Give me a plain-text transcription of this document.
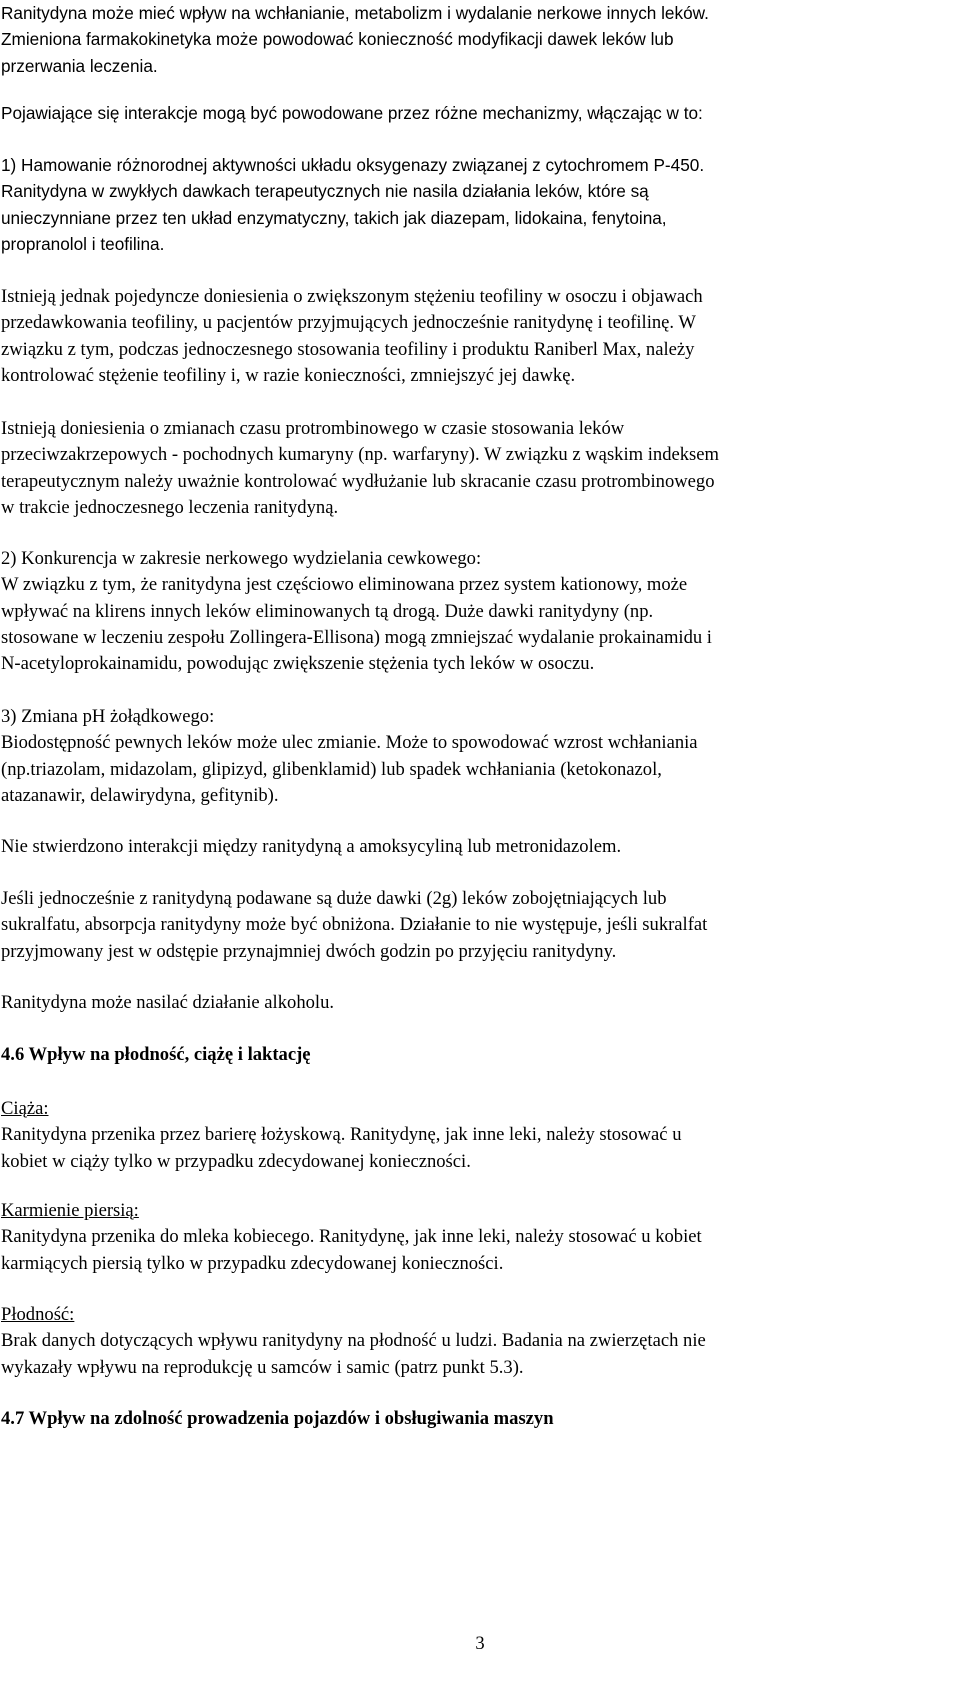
Ranitydyna może mieć wpływ na wchłanianie, metabolizm i wydalanie nerkowe innych leków.
Zmieniona farmakokinetyka może powodować konieczność modyfikacji dawek leków lub
przerwania leczenia.

Pojawiające się interakcje mogą być powodowane przez różne mechanizmy, włączając w to:

1) Hamowanie różnorodnej aktywności układu oksygenazy związanej z cytochromem P-450.
Ranitydyna w zwykłych dawkach terapeutycznych nie nasila działania leków, które są
unieczynniane przez ten układ enzymatyczny, takich jak diazepam, lidokaina, fenytoina,
propranolol i teofilina.

Istnieją jednak pojedyncze doniesienia o zwiększonym stężeniu teofiliny w osoczu i objawach
przedawkowania teofiliny, u pacjentów przyjmujących jednocześnie ranitydynę i teofilinę. W
związku z tym, podczas jednoczesnego stosowania teofiliny i produktu Raniberl Max, należy
kontrolować stężenie teofiliny i, w razie konieczności, zmniejszyć jej dawkę.

Istnieją doniesienia o zmianach czasu protrombinowego w czasie stosowania leków
przeciwzakrzepowych - pochodnych kumaryny (np. warfaryny). W związku z wąskim indeksem
terapeutycznym należy uważnie kontrolować wydłużanie lub skracanie czasu protrombinowego
w trakcie jednoczesnego leczenia ranitydyną.

2) Konkurencja w zakresie nerkowego wydzielania cewkowego:
W związku z tym, że ranitydyna jest częściowo eliminowana przez system kationowy, może
wpływać na klirens innych leków eliminowanych tą drogą. Duże dawki ranitydyny (np.
stosowane w leczeniu zespołu Zollingera-Ellisona) mogą zmniejszać wydalanie prokainamidu i
N-acetyloprokainamidu, powodując zwiększenie stężenia tych leków w osoczu.

3) Zmiana pH żołądkowego:
Biodostępność pewnych leków może ulec zmianie. Może to spowodować wzrost wchłaniania
(np.triazolam, midazolam, glipizyd, glibenklamid) lub spadek wchłaniania (ketokonazol,
atazanawir, delawirydyna, gefitynib).

Nie stwierdzono interakcji między ranitydyną a amoksycyliną lub metronidazolem.

Jeśli jednocześnie z ranitydyną podawane są duże dawki (2g) leków zobojętniających lub
sukralfatu, absorpcja ranitydyny może być obniżona. Działanie to nie występuje, jeśli sukralfat
przyjmowany jest w odstępie przynajmniej dwóch godzin po przyjęciu ranitydyny.

Ranitydyna może nasilać działanie alkoholu.

4.6 Wpływ na płodność, ciążę i laktację

Ciąża:
Ranitydyna przenika przez barierę łożyskową. Ranitydynę, jak inne leki, należy stosować u
kobiet w ciąży tylko w przypadku zdecydowanej konieczności.

Karmienie piersią:
Ranitydyna przenika do mleka kobiecego. Ranitydynę, jak inne leki, należy stosować u kobiet
karmiących piersią tylko w przypadku zdecydowanej konieczności.

Płodność:
Brak danych dotyczących wpływu ranitydyny na płodność u ludzi. Badania na zwierzętach nie
wykazały wpływu na reprodukcję u samców i samic (patrz punkt 5.3).

4.7 Wpływ na zdolność prowadzenia pojazdów i obsługiwania maszyn

3
